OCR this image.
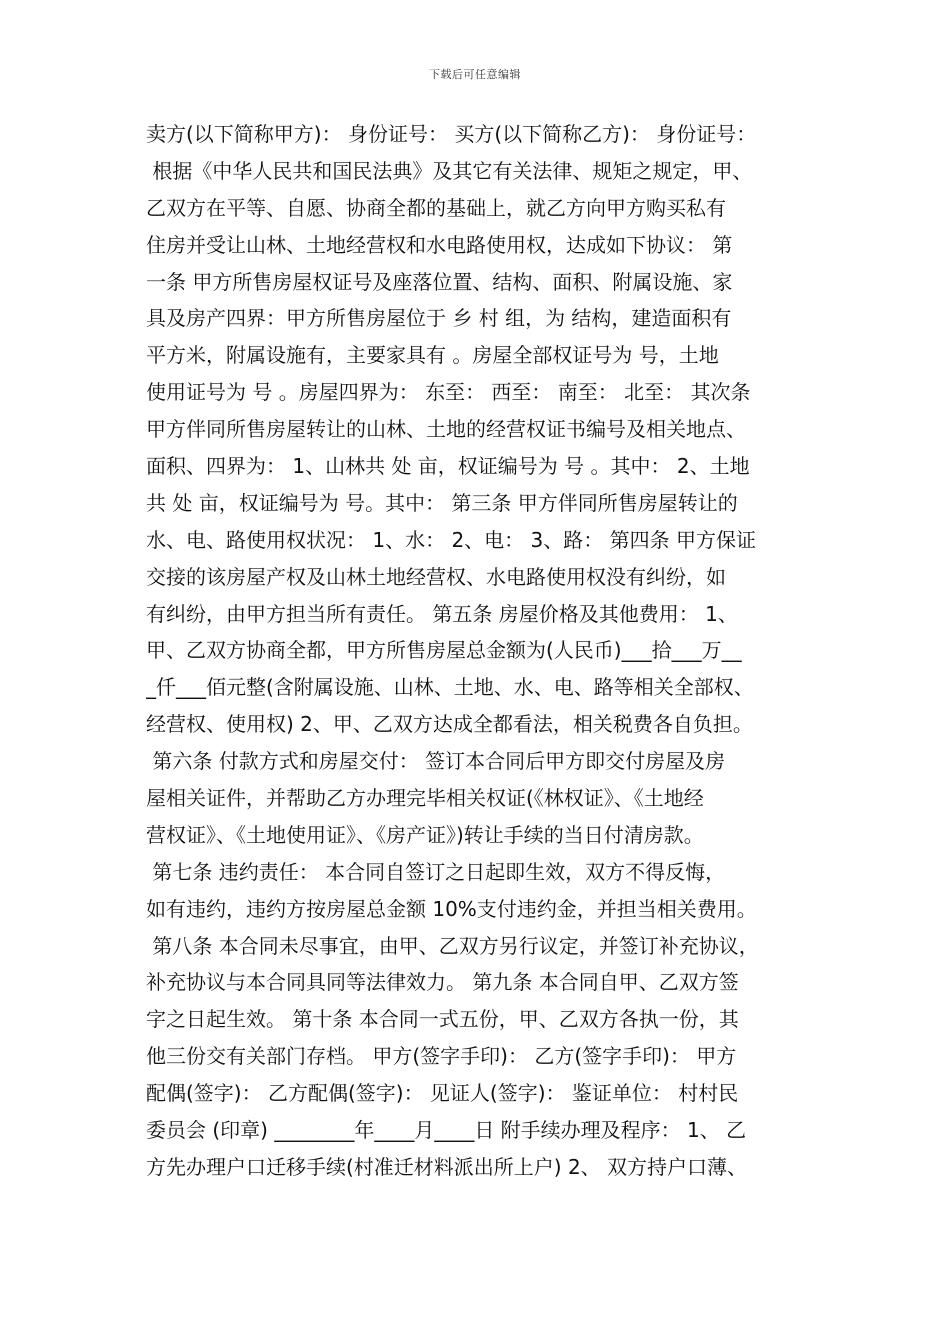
下载后可任意编辑
卖方(以下简称甲方)： 身份证号： 买方(以下简称乙方)： 身份证号：
根据《中华人民共和国民法典》及其它有关法律、规矩之规定，甲、
乙双方在平等、自愿、协商全都的基础上，就乙方向甲方购买私有
住房并受让山林、土地经营权和水电路使用权，达成如下协议： 第
一条 甲方所售房屋权证号及座落位置、结构、面积、附属设施、家
具及房产四界：甲方所售房屋位于 乡 村 组，为 结构，建造面积有
平方米，附属设施有，主要家具有 。房屋全部权证号为 号，土地
使用证号为 号 。房屋四界为： 东至： 西至： 南至： 北至： 其次条
甲方伴同所售房屋转让的山林、土地的经营权证书编号及相关地点、
面积、四界为： 1、山林共 处 亩，权证编号为 号 。其中： 2、土地
共 处 亩，权证编号为 号。其中： 第三条 甲方伴同所售房屋转让的
水、电、路使用权状况： 1、水： 2、电： 3、路： 第四条 甲方保证
交接的该房屋产权及山林土地经营权、水电路使用权没有纠纷，如
有纠纷，由甲方担当所有责任。 第五条 房屋价格及其他费用： 1、
甲、乙双方协商全都，甲方所售房屋总金额为(人民币)___拾___万__
_仟___佰元整(含附属设施、山林、土地、水、电、路等相关全部权、
经营权、使用权) 2、甲、乙双方达成全都看法，相关税费各自负担。
第六条 付款方式和房屋交付： 签订本合同后甲方即交付房屋及房
屋相关证件，并帮助乙方办理完毕相关权证(《林权证》、《土地经
营权证》、《土地使用证》、《房产证》)转让手续的当日付清房款。
第七条 违约责任： 本合同自签订之日起即生效，双方不得反悔，
如有违约，违约方按房屋总金额 10%支付违约金，并担当相关费用。
第八条 本合同未尽事宜，由甲、乙双方另行议定，并签订补充协议，
补充协议与本合同具同等法律效力。 第九条 本合同自甲、乙双方签
字之日起生效。 第十条 本合同一式五份，甲、乙双方各执一份，其
他三份交有关部门存档。 甲方(签字手印)： 乙方(签字手印)： 甲方
配偶(签字)： 乙方配偶(签字)： 见证人(签字)： 鉴证单位： 村村民
委员会 (印章) ________年____月____日 附手续办理及程序： 1、 乙
方先办理户口迁移手续(村准迁材料派出所上户) 2、 双方持户口薄、
